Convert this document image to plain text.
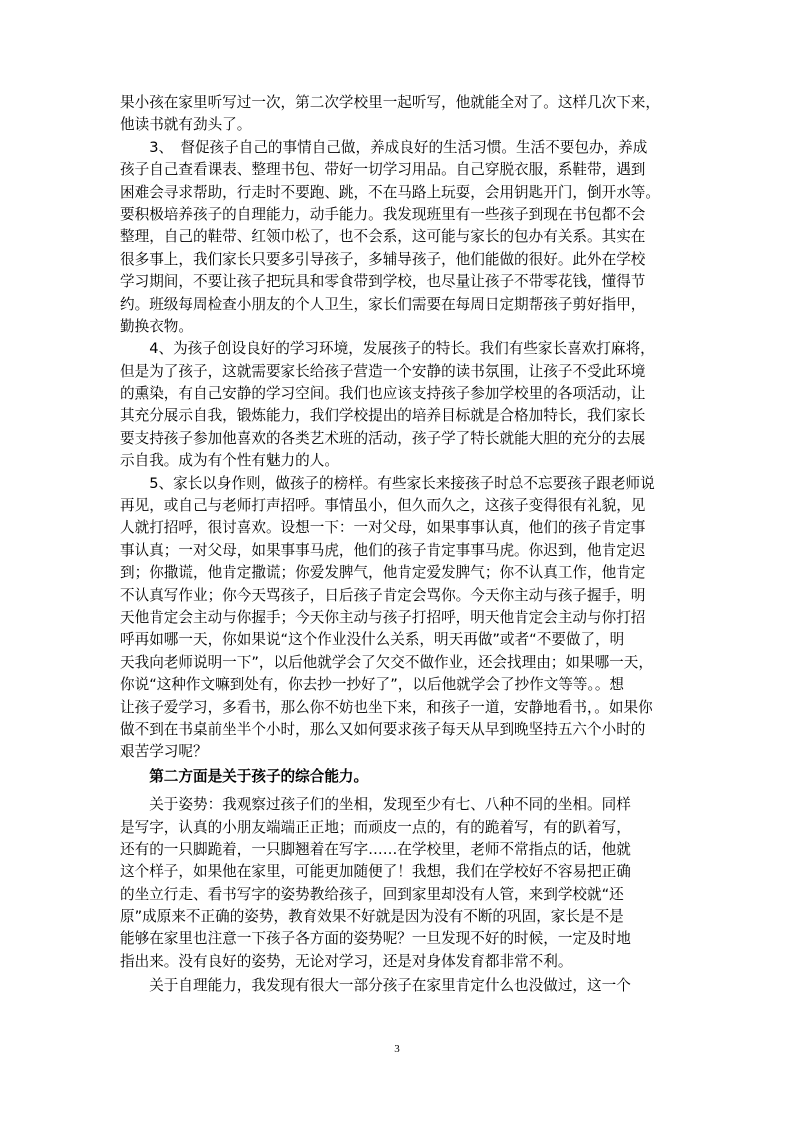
果小孩在家里听写过一次，第二次学校里一起听写，他就能全对了。这样几次下来，
他读书就有劲头了。
　　3、　督促孩子自己的事情自己做，养成良好的生活习惯。生活不要包办，养成
孩子自己查看课表、整理书包、带好一切学习用品。自己穿脱衣服，系鞋带，遇到
困难会寻求帮助，行走时不要跑、跳，不在马路上玩耍，会用钥匙开门，倒开水等。
要积极培养孩子的自理能力，动手能力。我发现班里有一些孩子到现在书包都不会
整理，自己的鞋带、红领巾松了，也不会系，这可能与家长的包办有关系。其实在
很多事上，我们家长只要多引导孩子，多辅导孩子，他们能做的很好。此外在学校
学习期间，不要让孩子把玩具和零食带到学校，也尽量让孩子不带零花钱，懂得节
约。班级每周检查小朋友的个人卫生，家长们需要在每周日定期帮孩子剪好指甲，
勤换衣物。
　　4、为孩子创设良好的学习环境，发展孩子的特长。我们有些家长喜欢打麻将，
但是为了孩子，这就需要家长给孩子营造一个安静的读书氛围，让孩子不受此环境
的熏染，有自己安静的学习空间。我们也应该支持孩子参加学校里的各项活动，让
其充分展示自我，锻炼能力，我们学校提出的培养目标就是合格加特长，我们家长
要支持孩子参加他喜欢的各类艺术班的活动，孩子学了特长就能大胆的充分的去展
示自我。成为有个性有魅力的人。
　　5、家长以身作则，做孩子的榜样。有些家长来接孩子时总不忘要孩子跟老师说
再见，或自己与老师打声招呼。事情虽小，但久而久之，这孩子变得很有礼貌，见
人就打招呼，很讨喜欢。设想一下：一对父母，如果事事认真，他们的孩子肯定事
事认真；一对父母，如果事事马虎，他们的孩子肯定事事马虎。你迟到，他肯定迟
到；你撒谎，他肯定撒谎；你爱发脾气，他肯定爱发脾气；你不认真工作，他肯定
不认真写作业；你今天骂孩子，日后孩子肯定会骂你。今天你主动与孩子握手，明
天他肯定会主动与你握手；今天你主动与孩子打招呼，明天他肯定会主动与你打招
呼再如哪一天，你如果说“这个作业没什么关系，明天再做”或者“不要做了，明
天我向老师说明一下”，以后他就学会了欠交不做作业，还会找理由；如果哪一天，
你说“这种作文嘛到处有，你去抄一抄好了”，以后他就学会了抄作文等等。。想
让孩子爱学习，多看书，那么你不妨也坐下来，和孩子一道，安静地看书，。如果你
做不到在书桌前坐半个小时，那么又如何要求孩子每天从早到晚坚持五六个小时的
艰苦学习呢？
　　第二方面是关于孩子的综合能力。
　　关于姿势：我观察过孩子们的坐相，发现至少有七、八种不同的坐相。同样
是写字，认真的小朋友端端正正地；而顽皮一点的，有的跪着写，有的趴着写，
还有的一只脚跪着，一只脚翘着在写字……在学校里，老师不常指点的话，他就
这个样子，如果他在家里，可能更加随便了！我想，我们在学校好不容易把正确
的坐立行走、看书写字的姿势教给孩子，回到家里却没有人管，来到学校就“还
原”成原来不正确的姿势，教育效果不好就是因为没有不断的巩固，家长是不是
能够在家里也注意一下孩子各方面的姿势呢？一旦发现不好的时候，一定及时地
指出来。没有良好的姿势，无论对学习，还是对身体发育都非常不利。
　　关于自理能力，我发现有很大一部分孩子在家里肯定什么也没做过，这一个
3
